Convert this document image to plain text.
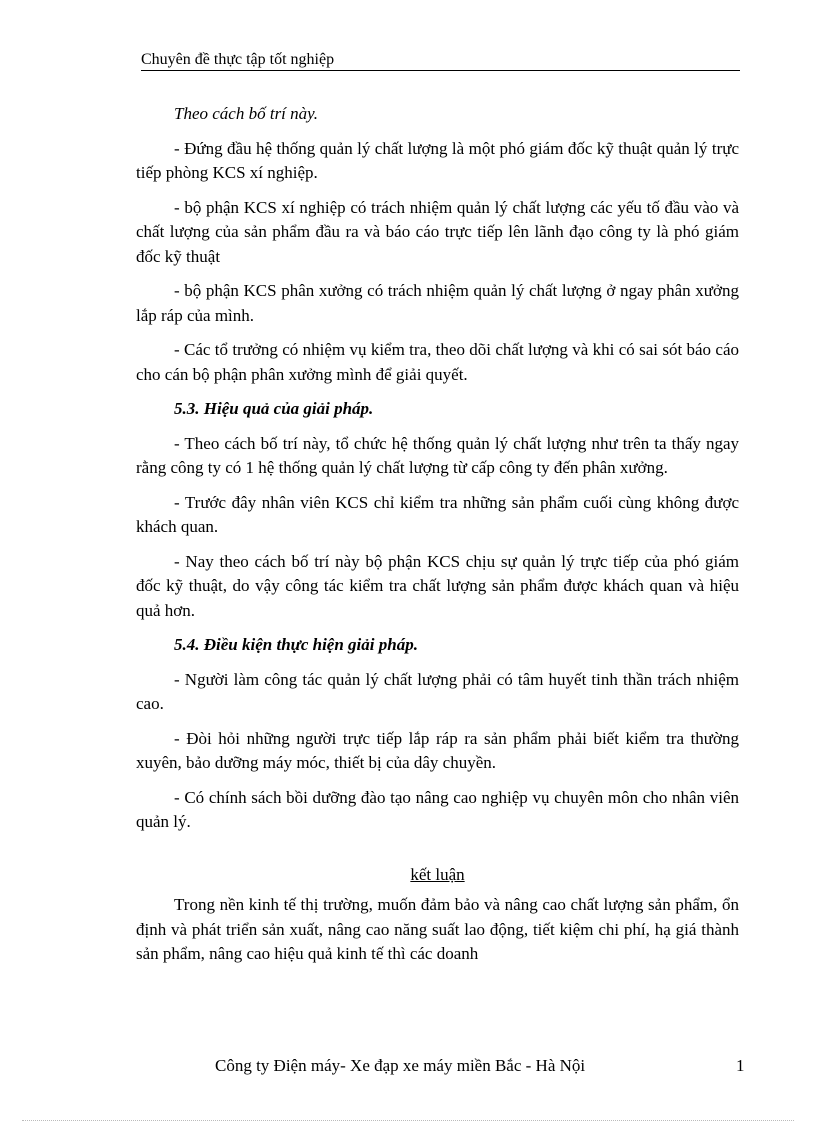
Chuyên đề thực tập tốt nghiệp

Theo cách bố trí này.

- Đứng đầu hệ thống quản lý chất lượng là một phó giám đốc kỹ thuật quản lý trực tiếp phòng KCS xí nghiệp.

- bộ phận KCS xí nghiệp có trách nhiệm quản lý chất lượng các yếu tố đầu vào và chất lượng của sản phẩm đầu ra và báo cáo trực tiếp lên lãnh đạo công ty là phó giám đốc kỹ thuật

- bộ phận KCS phân xưởng có trách nhiệm quản lý chất lượng ở ngay phân xưởng lắp ráp của mình.

- Các tổ trưởng có nhiệm vụ kiểm tra, theo dõi chất lượng và khi có sai sót báo cáo cho cán bộ phận phân xưởng mình để giải quyết.

5.3. Hiệu quả của giải pháp.

- Theo cách bố trí này, tổ chức hệ thống quản lý chất lượng như trên ta thấy ngay rằng công ty có 1 hệ thống quản lý chất lượng từ cấp công ty đến phân xưởng.

- Trước đây nhân viên KCS chỉ kiểm tra những sản phẩm cuối cùng không được khách quan.

- Nay theo cách bố trí này bộ phận KCS chịu sự quản lý trực tiếp của phó giám đốc kỹ thuật, do vậy công tác kiểm tra chất lượng sản phẩm được khách quan và hiệu quả hơn.

5.4. Điều kiện thực hiện giải pháp.

- Người làm công tác quản lý chất lượng phải có tâm huyết tinh thần trách nhiệm cao.

- Đòi hỏi những người trực tiếp lắp ráp ra sản phẩm phải biết kiểm tra thường xuyên, bảo dưỡng máy móc, thiết bị của dây chuyền.

- Có chính sách bồi dưỡng đào tạo nâng cao nghiệp vụ chuyên môn cho nhân viên quản lý.

kết luận

Trong nền kinh tế thị trường, muốn đảm bảo và nâng cao chất lượng sản phẩm, ổn định và phát triển sản xuất, nâng cao năng suất lao động, tiết kiệm chi phí, hạ giá thành sản phẩm, nâng cao hiệu quả kinh tế thì các doanh

Công ty Điện máy- Xe đạp xe máy miền Bắc - Hà Nội	1
